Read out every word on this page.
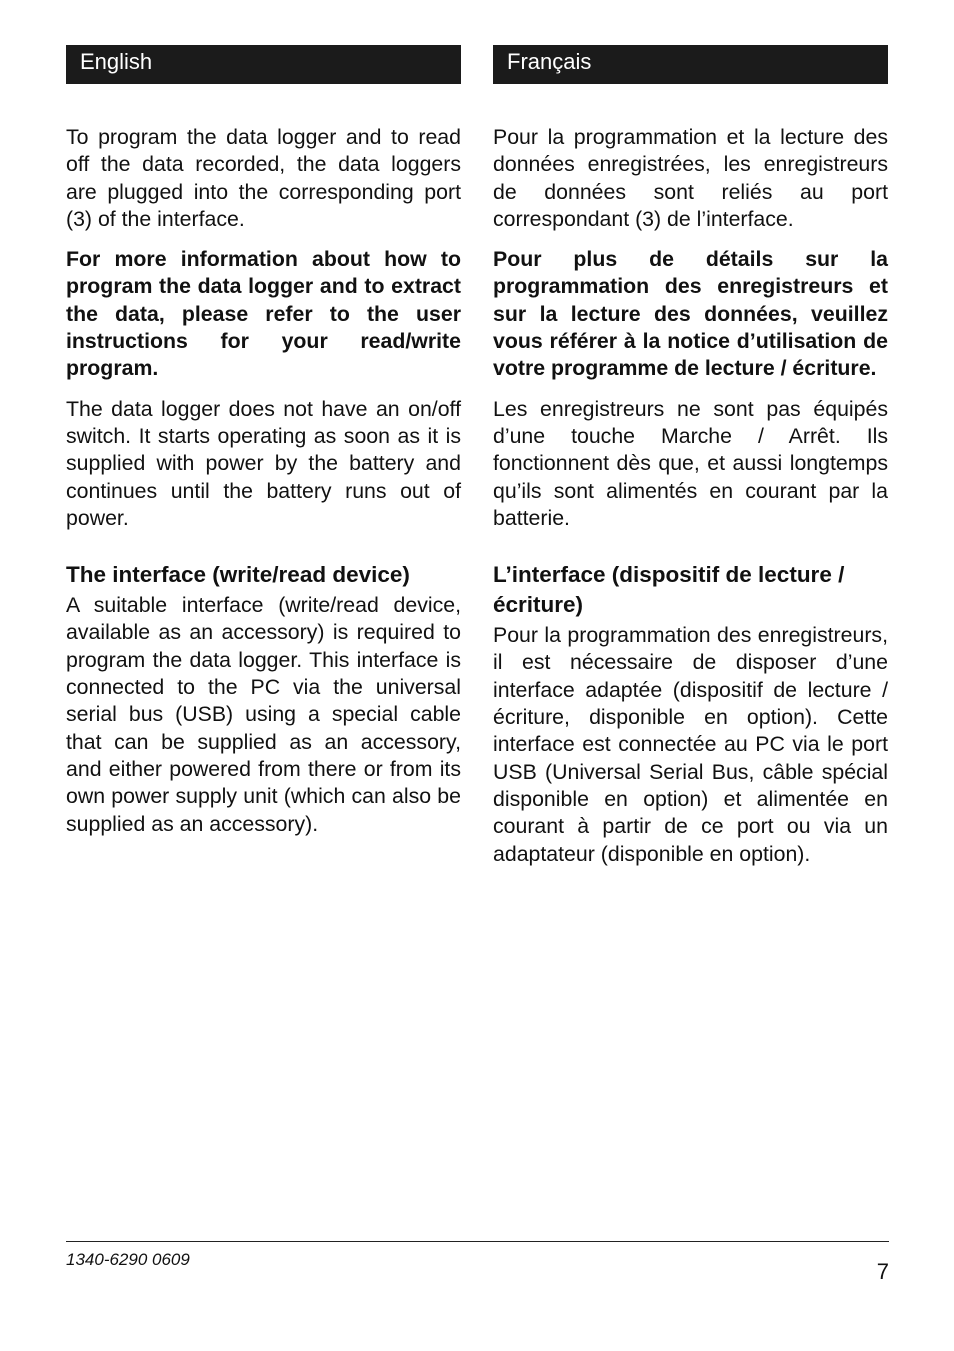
English

To program the data logger and to read off the data recorded, the data loggers are plugged into the corresponding port (3) of the interface.

For more information about how to program the data logger and to extract the data, please refer to the user instructions for your read/write program.

The data logger does not have an on/off switch. It starts operating as soon as it is supplied with power by the battery and continues until the battery runs out of power.

The interface (write/read device)

A suitable interface (write/read device, available as an accessory) is required to program the data logger. This interface is connected to the PC via the universal serial bus (USB) using a special cable that can be supplied as an accessory, and either powered from there or from its own power supply unit (which can also be supplied as an accessory).

Français

Pour la programmation et la lecture des données enregistrées, les enregistreurs de données sont reliés au port correspondant (3) de l’interface.

Pour plus de détails sur la programmation des enregistreurs et sur la lecture des données, veuillez vous référer à la notice d’utilisation de votre programme de lecture / écriture.

Les enregistreurs ne sont pas équipés d’une touche Marche / Arrêt. Ils fonctionnent dès que, et aussi longtemps qu’ils sont alimentés en courant par la batterie.

L’interface (dispositif de lecture / écriture)

Pour la programmation des enregistreurs, il est nécessaire de disposer d’une interface adaptée (dispositif de lecture / écriture, disponible en option). Cette interface est connectée au PC via le port USB (Universal Serial Bus, câble spécial disponible en option) et alimentée en courant à partir de ce port ou via un adaptateur (disponible en option).

1340-6290 0609	7
